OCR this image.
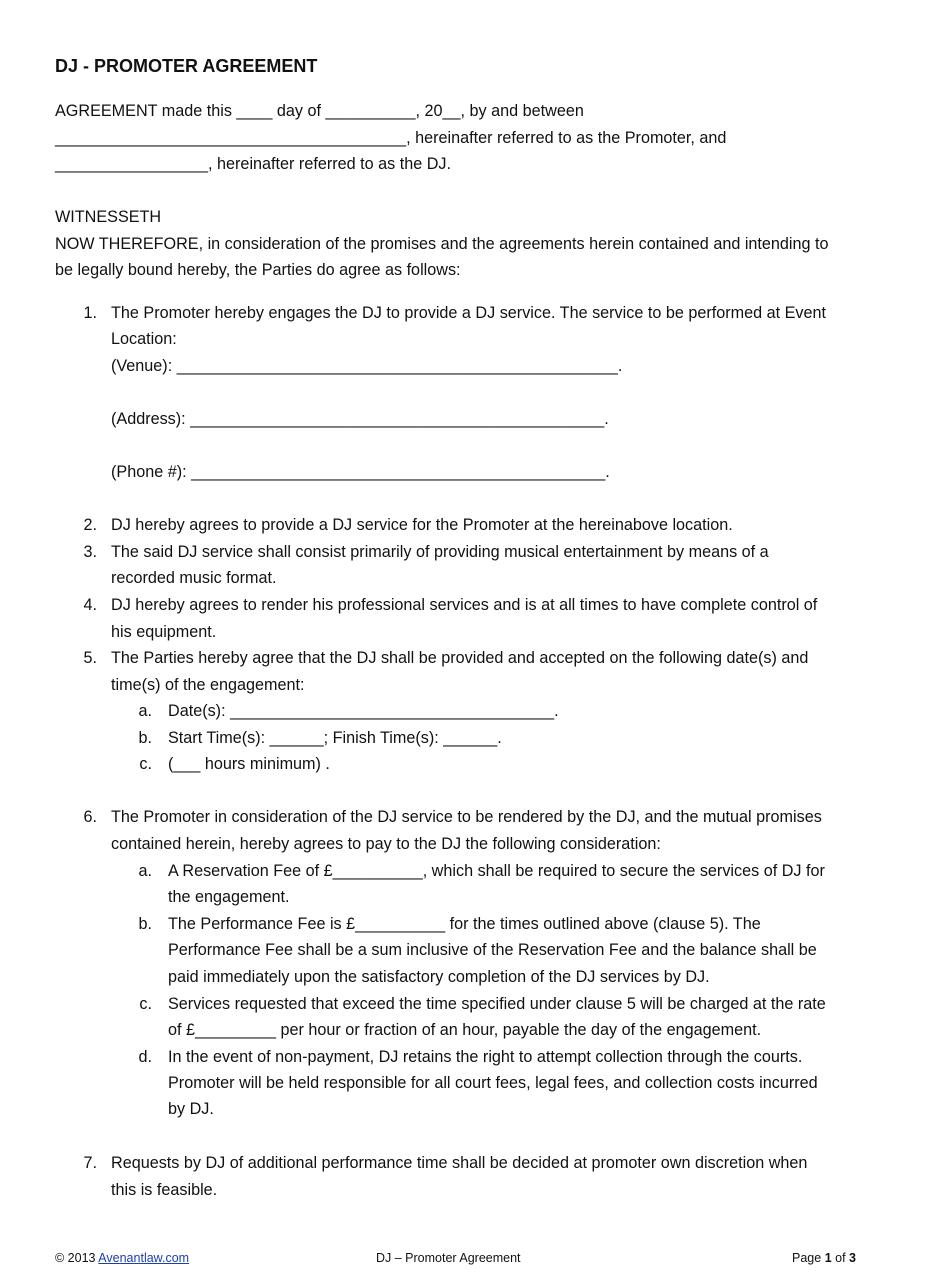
DJ - PROMOTER AGREEMENT
AGREEMENT made this ____ day of __________, 20__, by and between
_______________________________________, hereinafter referred to as the Promoter, and
_________________, hereinafter referred to as the DJ.
WITNESSETH
NOW THEREFORE, in consideration of the promises and the agreements herein contained and intending to
be legally bound hereby, the Parties do agree as follows:
1. The Promoter hereby engages the DJ to provide a DJ service. The service to be performed at Event
Location:
(Venue): _________________________________________________.
(Address): ______________________________________________.
(Phone #): ______________________________________________.
2. DJ hereby agrees to provide a DJ service for the Promoter at the hereinabove location.
3. The said DJ service shall consist primarily of providing musical entertainment by means of a
recorded music format.
4. DJ hereby agrees to render his professional services and is at all times to have complete control of
his equipment.
5. The Parties hereby agree that the DJ shall be provided and accepted on the following date(s) and
time(s) of the engagement:
a. Date(s): ____________________________________.
b. Start Time(s): ______; Finish Time(s): ______.
c. (___ hours minimum) .
6. The Promoter in consideration of the DJ service to be rendered by the DJ, and the mutual promises
contained herein, hereby agrees to pay to the DJ the following consideration:
a. A Reservation Fee of £__________, which shall be required to secure the services of DJ for
the engagement.
b. The Performance Fee is £__________ for the times outlined above (clause 5). The
Performance Fee shall be a sum inclusive of the Reservation Fee and the balance shall be
paid immediately upon the satisfactory completion of the DJ services by DJ.
c. Services requested that exceed the time specified under clause 5 will be charged at the rate
of £_________ per hour or fraction of an hour, payable the day of the engagement.
d. In the event of non-payment, DJ retains the right to attempt collection through the courts.
Promoter will be held responsible for all court fees, legal fees, and collection costs incurred
by DJ.
7. Requests by DJ of additional performance time shall be decided at promoter own discretion when
this is feasible.
© 2013 Avenantlaw.com	DJ – Promoter Agreement	Page 1 of 3
